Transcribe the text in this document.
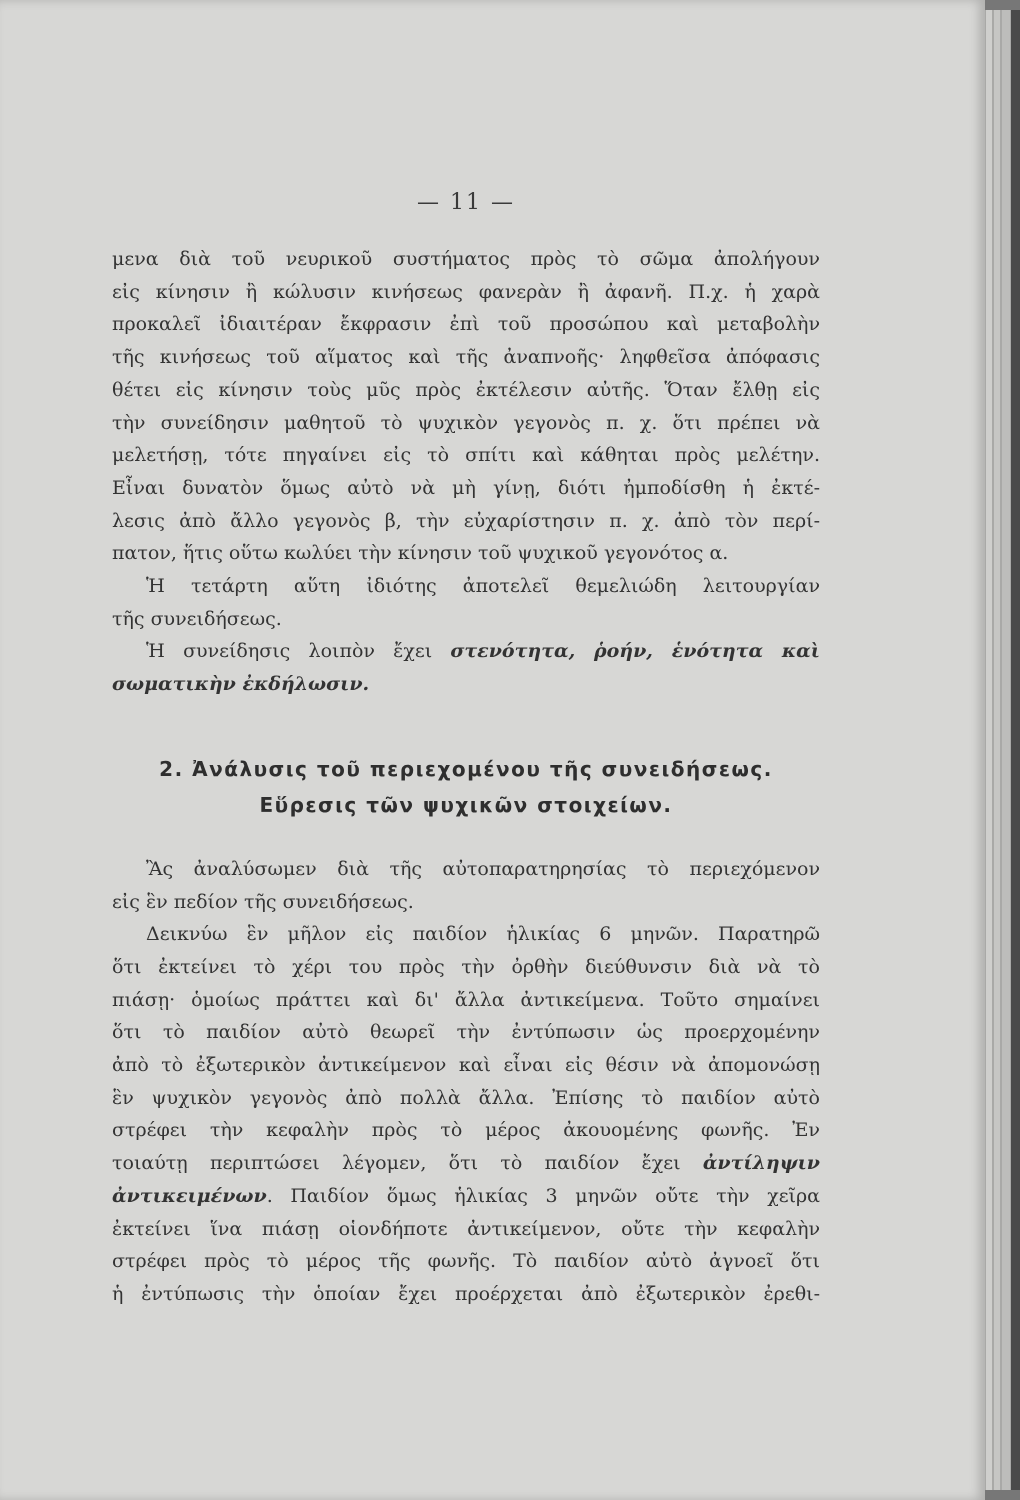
— 11 —

μενα διὰ τοῦ νευρικοῦ συστήματος πρὸς τὸ σῶμα ἀπολήγουν
εἰς κίνησιν ἢ κώλυσιν κινήσεως φανερὰν ἢ ἀφανῆ. Π.χ. ἡ χαρὰ
προκαλεῖ ἰδιαιτέραν ἔκφρασιν ἐπὶ τοῦ προσώπου καὶ μεταβολὴν
τῆς κινήσεως τοῦ αἵματος καὶ τῆς ἀναπνοῆς· ληφθεῖσα ἀπόφασις
θέτει εἰς κίνησιν τοὺς μῦς πρὸς ἐκτέλεσιν αὐτῆς. Ὅταν ἔλθῃ εἰς
τὴν συνείδησιν μαθητοῦ τὸ ψυχικὸν γεγονὸς π. χ. ὅτι πρέπει νὰ
μελετήσῃ, τότε πηγαίνει εἰς τὸ σπίτι καὶ κάθηται πρὸς μελέτην.
Εἶναι δυνατὸν ὅμως αὐτὸ νὰ μὴ γίνῃ, διότι ἠμποδίσθη ἡ ἐκτέ-
λεσις ἀπὸ ἄλλο γεγονὸς β, τὴν εὐχαρίστησιν π. χ. ἀπὸ τὸν περί-
πατον, ἥτις οὕτω κωλύει τὴν κίνησιν τοῦ ψυχικοῦ γεγονότος α.

Ἡ τετάρτη αὕτη ἰδιότης ἀποτελεῖ θεμελιώδη λειτουργίαν
τῆς συνειδήσεως.

Ἡ συνείδησις λοιπὸν ἔχει στενότητα, ῥοήν, ἑνότητα καὶ
σωματικὴν ἐκδήλωσιν.

2. Ἀνάλυσις τοῦ περιεχομένου τῆς συνειδήσεως.
Εὕρεσις τῶν ψυχικῶν στοιχείων.

Ἂς ἀναλύσωμεν διὰ τῆς αὐτοπαρατηρησίας τὸ περιεχόμενον
εἰς ἓν πεδίον τῆς συνειδήσεως.

Δεικνύω ἓν μῆλον εἰς παιδίον ἡλικίας 6 μηνῶν. Παρατηρῶ
ὅτι ἐκτείνει τὸ χέρι του πρὸς τὴν ὀρθὴν διεύθυνσιν διὰ νὰ τὸ
πιάσῃ· ὁμοίως πράττει καὶ δι' ἄλλα ἀντικείμενα. Τοῦτο σημαίνει
ὅτι τὸ παιδίον αὐτὸ θεωρεῖ τὴν ἐντύπωσιν ὡς προερχομένην
ἀπὸ τὸ ἐξωτερικὸν ἀντικείμενον καὶ εἶναι εἰς θέσιν νὰ ἀπομονώσῃ
ἓν ψυχικὸν γεγονὸς ἀπὸ πολλὰ ἄλλα. Ἐπίσης τὸ παιδίον αὐτὸ
στρέφει τὴν κεφαλὴν πρὸς τὸ μέρος ἀκουομένης φωνῆς. Ἐν
τοιαύτῃ περιπτώσει λέγομεν, ὅτι τὸ παιδίον ἔχει ἀντίληψιν
ἀντικειμένων. Παιδίον ὅμως ἡλικίας 3 μηνῶν οὔτε τὴν χεῖρα
ἐκτείνει ἵνα πιάσῃ οἱονδήποτε ἀντικείμενον, οὔτε τὴν κεφαλὴν
στρέφει πρὸς τὸ μέρος τῆς φωνῆς. Τὸ παιδίον αὐτὸ ἀγνοεῖ ὅτι
ἡ ἐντύπωσις τὴν ὁποίαν ἔχει προέρχεται ἀπὸ ἐξωτερικὸν ἐρεθι-
